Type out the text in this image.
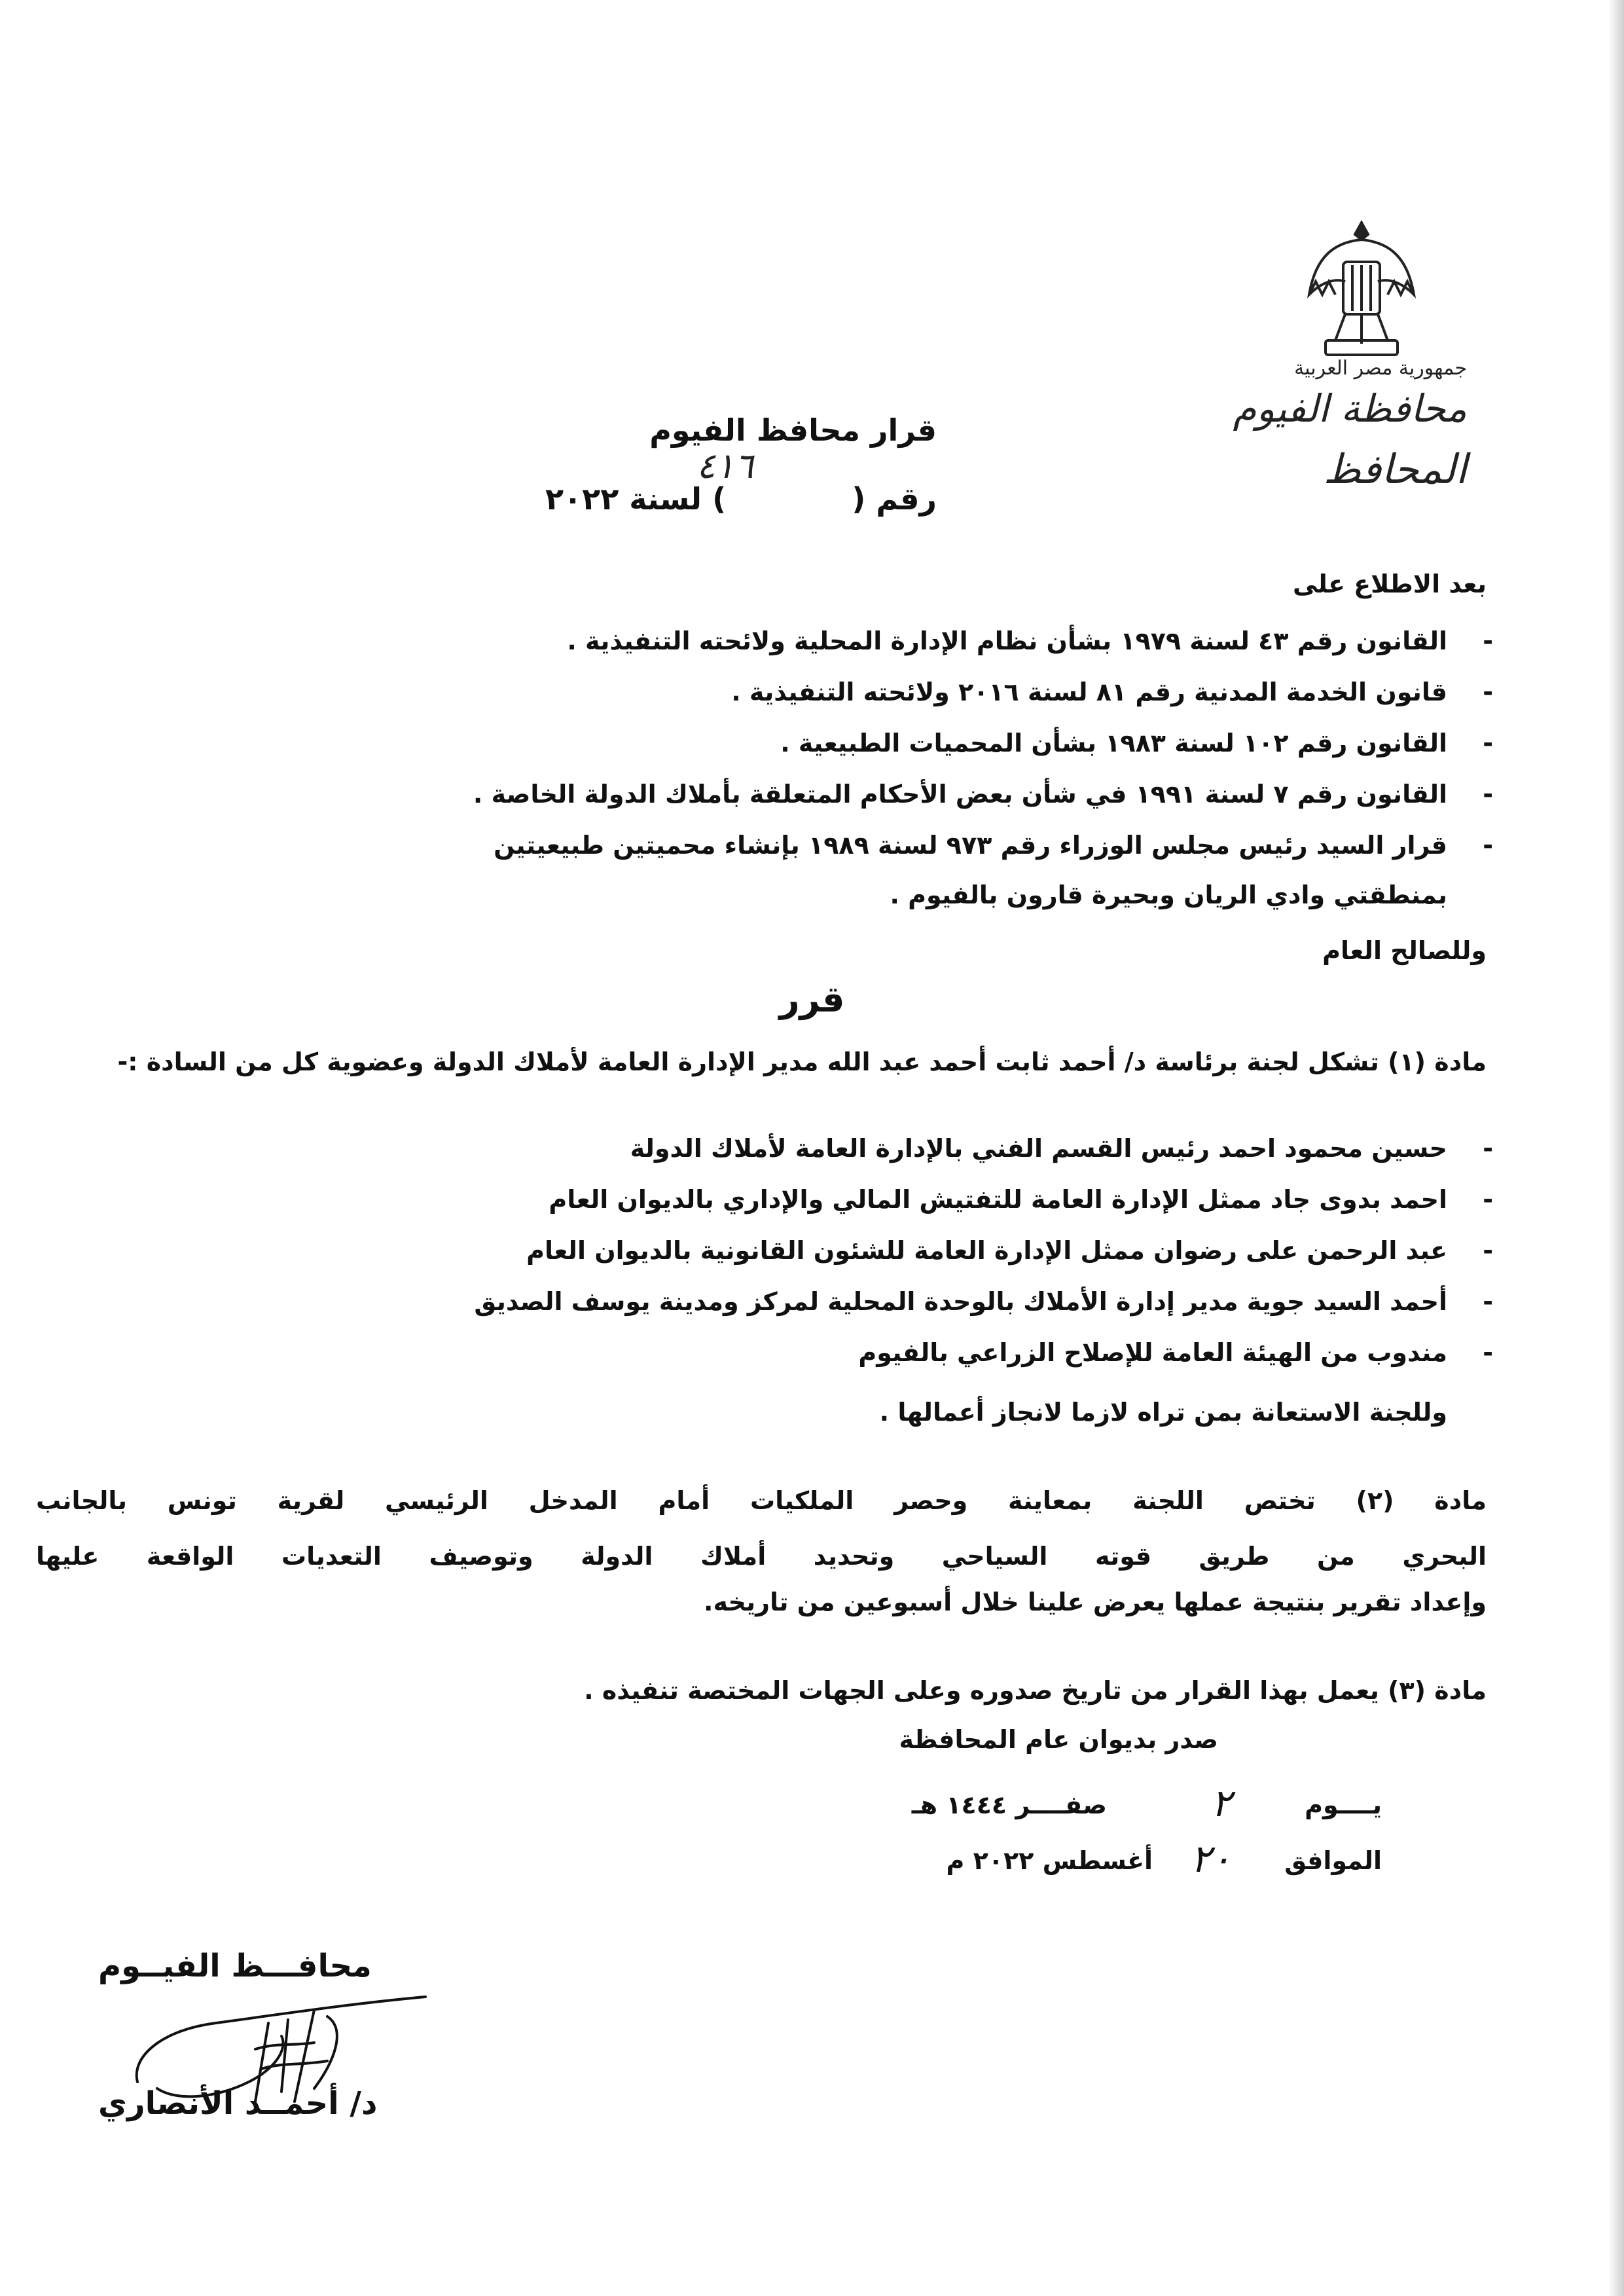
جمهورية مصر العربية
محافظة الفيوم
المحافظ
قرار محافظ الفيوم
رقم (            ) لسنة ٢٠٢٢
٤١٦
بعد الاطلاع على
- القانون رقم ٤٣ لسنة ١٩٧٩ بشأن نظام الإدارة المحلية ولائحته التنفيذية .
- قانون الخدمة المدنية رقم ٨١ لسنة ٢٠١٦ ولائحته التنفيذية .
- القانون رقم ١٠٢ لسنة ١٩٨٣ بشأن المحميات الطبيعية .
- القانون رقم ٧ لسنة ١٩٩١ في شأن بعض الأحكام المتعلقة بأملاك الدولة الخاصة .
- قرار السيد رئيس مجلس الوزراء رقم ٩٧٣ لسنة ١٩٨٩ بإنشاء محميتين طبيعيتين
بمنطقتي وادي الريان وبحيرة قارون بالفيوم .
وللصالح العام
قرر
مادة (١) تشكل لجنة برئاسة د/ أحمد ثابت أحمد عبد الله مدير الإدارة العامة لأملاك الدولة وعضوية كل من السادة :-
- حسين محمود احمد رئيس القسم الفني بالإدارة العامة لأملاك الدولة
- احمد بدوى جاد ممثل الإدارة العامة للتفتيش المالي والإداري بالديوان العام
- عبد الرحمن على رضوان ممثل الإدارة العامة للشئون القانونية بالديوان العام
- أحمد السيد جوية مدير إدارة الأملاك بالوحدة المحلية لمركز ومدينة يوسف الصديق
- مندوب من الهيئة العامة للإصلاح الزراعي بالفيوم
وللجنة الاستعانة بمن تراه لازما لانجاز أعمالها .
مادة (٢) تختص اللجنة بمعاينة وحصر الملكيات أمام المدخل الرئيسي لقرية تونس بالجانب
البحري من طريق قوته السياحي وتحديد أملاك الدولة وتوصيف التعديات الواقعة عليها
وإعداد تقرير بنتيجة عملها يعرض علينا خلال أسبوعين من تاريخه.
مادة (٣) يعمل بهذا القرار من تاريخ صدوره وعلى الجهات المختصة تنفيذه .
صدر بديوان عام المحافظة
يــــوم
٢
صفــــر ١٤٤٤ هـ
الموافق
٢٠
أغسطس ٢٠٢٢ م
محافـــظ الفيــوم
د/ أحمــد الأنصاري
